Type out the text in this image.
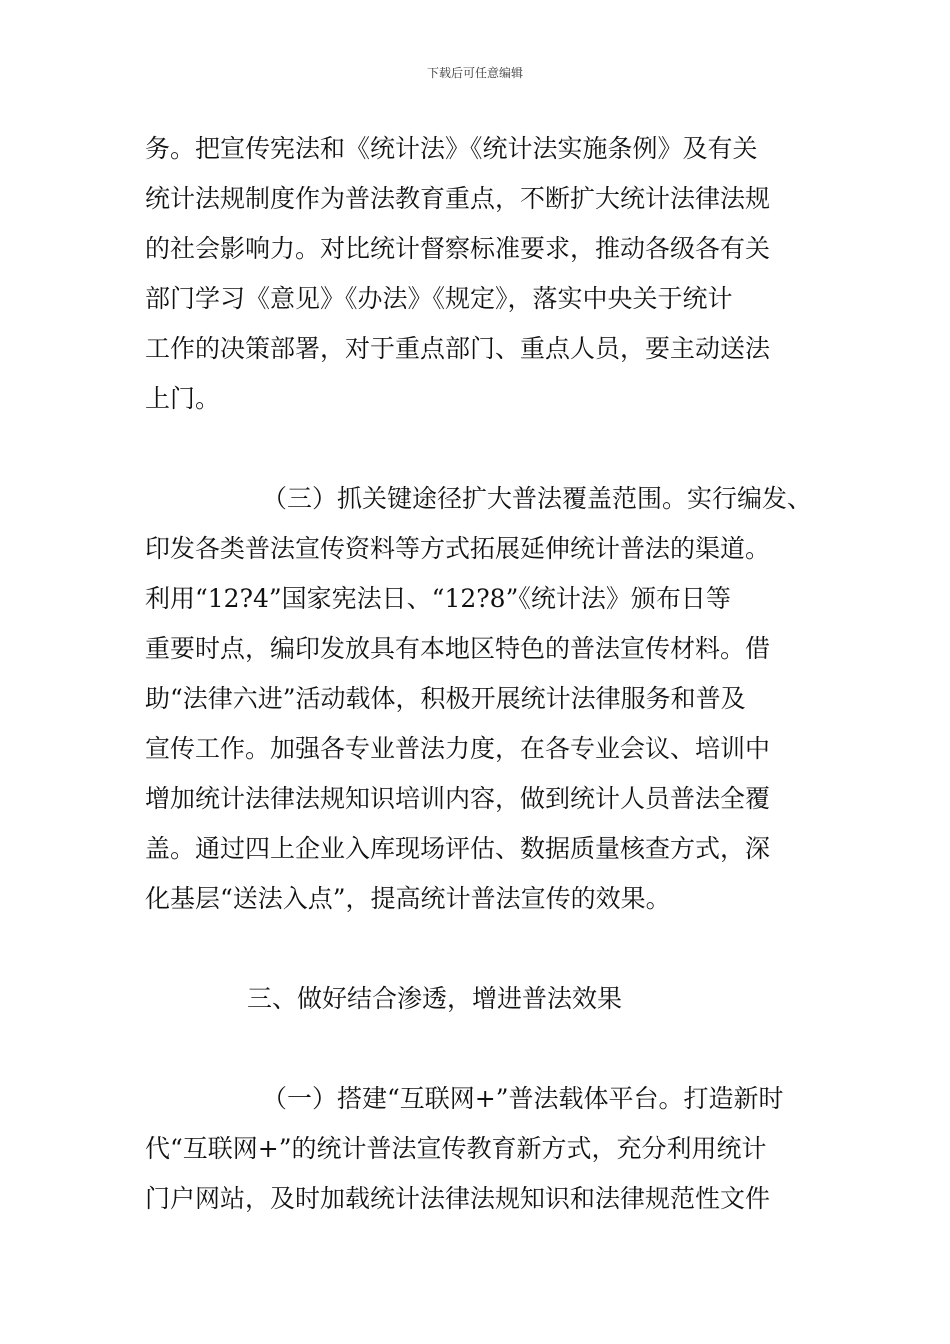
下载后可任意编辑
务。把宣传宪法和《统计法》《统计法实施条例》及有关
统计法规制度作为普法教育重点，不断扩大统计法律法规
的社会影响力。对比统计督察标准要求，推动各级各有关
部门学习《意见》《办法》《规定》，落实中央关于统计
工作的决策部署，对于重点部门、重点人员，要主动送法
上门。
（三）抓关键途径扩大普法覆盖范围。实行编发、
印发各类普法宣传资料等方式拓展延伸统计普法的渠道。
利用“12?4”国家宪法日、“12?8”《统计法》颁布日等
重要时点，编印发放具有本地区特色的普法宣传材料。借
助“法律六进”活动载体，积极开展统计法律服务和普及
宣传工作。加强各专业普法力度，在各专业会议、培训中
增加统计法律法规知识培训内容，做到统计人员普法全覆
盖。通过四上企业入库现场评估、数据质量核查方式，深
化基层“送法入点”，提高统计普法宣传的效果。
三、做好结合渗透，增进普法效果
（一）搭建“互联网+”普法载体平台。打造新时
代“互联网+”的统计普法宣传教育新方式，充分利用统计
门户网站，及时加载统计法律法规知识和法律规范性文件
